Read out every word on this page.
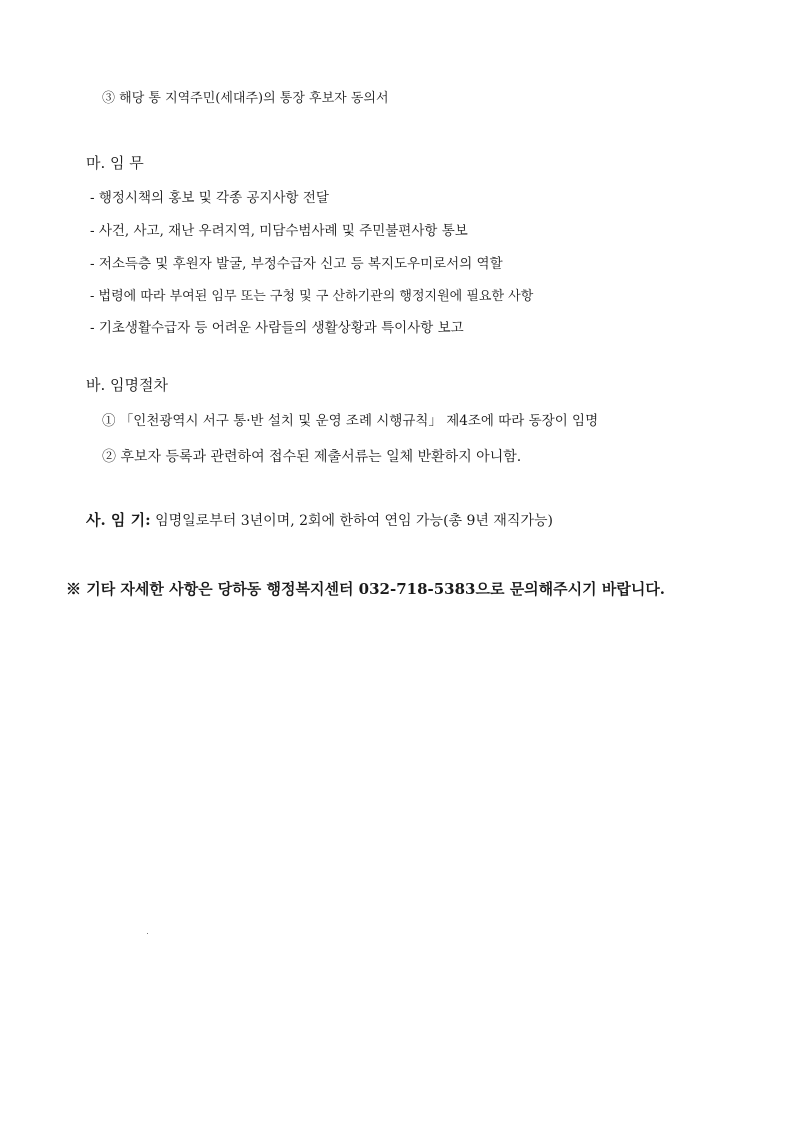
③ 해당 통 지역주민(세대주)의 통장 후보자 동의서
마. 임 무
- 행정시책의 홍보 및 각종 공지사항 전달
- 사건, 사고, 재난 우려지역, 미담수범사례 및 주민불편사항 통보
- 저소득층 및 후원자 발굴, 부정수급자 신고 등 복지도우미로서의 역할
- 법령에 따라 부여된 임무 또는 구청 및 구 산하기관의 행정지원에 필요한 사항
- 기초생활수급자 등 어려운 사람들의 생활상황과 특이사항 보고
바. 임명절차
① 「인천광역시 서구 통·반 설치 및 운영 조례 시행규칙」 제4조에 따라 동장이 임명
② 후보자 등록과 관련하여 접수된 제출서류는 일체 반환하지 아니함.
사. 임 기: 임명일로부터 3년이며, 2회에 한하여 연임 가능(총 9년 재직가능)
※ 기타 자세한 사항은 당하동 행정복지센터 032-718-5383으로 문의해주시기 바랍니다.
